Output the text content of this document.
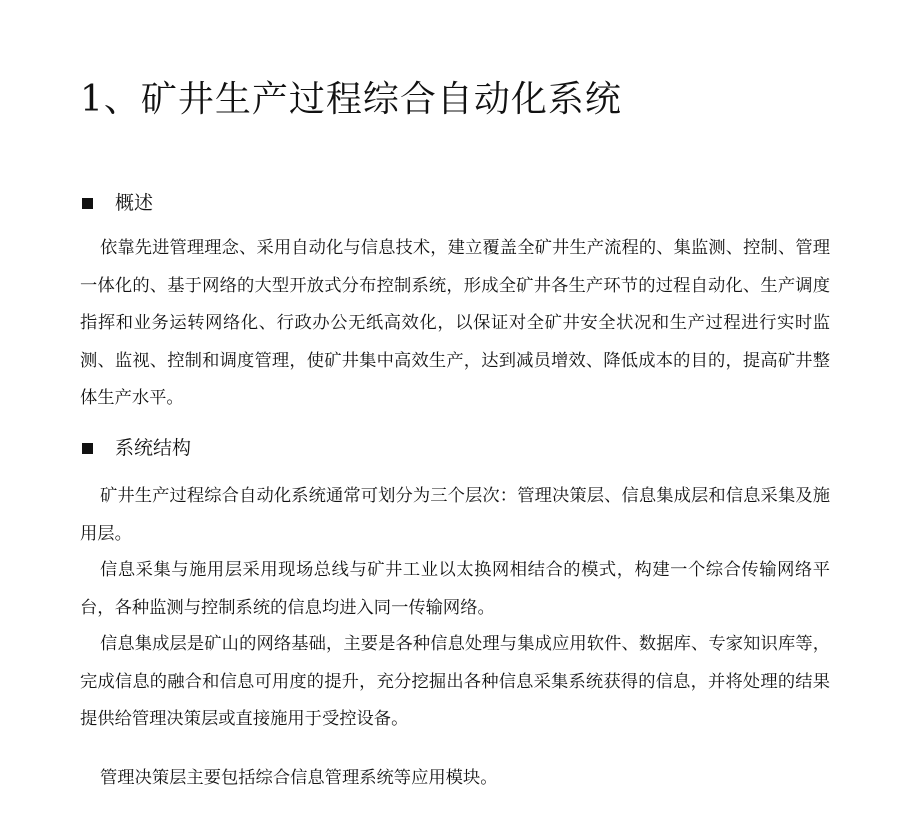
1、矿井生产过程综合自动化系统
概述

依靠先进管理理念、采用自动化与信息技术，建立覆盖全矿井生产流程的、集监测、控制、管理一体化的、基于网络的大型开放式分布控制系统，形成全矿井各生产环节的过程自动化、生产调度指挥和业务运转网络化、行政办公无纸高效化，以保证对全矿井安全状况和生产过程进行实时监测、监视、控制和调度管理，使矿井集中高效生产，达到减员增效、降低成本的目的，提高矿井整体生产水平。

系统结构

矿井生产过程综合自动化系统通常可划分为三个层次：管理决策层、信息集成层和信息采集及施用层。

信息采集与施用层采用现场总线与矿井工业以太换网相结合的模式，构建一个综合传输网络平台，各种监测与控制系统的信息均进入同一传输网络。

信息集成层是矿山的网络基础，主要是各种信息处理与集成应用软件、数据库、专家知识库等，完成信息的融合和信息可用度的提升，充分挖掘出各种信息采集系统获得的信息，并将处理的结果提供给管理决策层或直接施用于受控设备。

管理决策层主要包括综合信息管理系统等应用模块。
